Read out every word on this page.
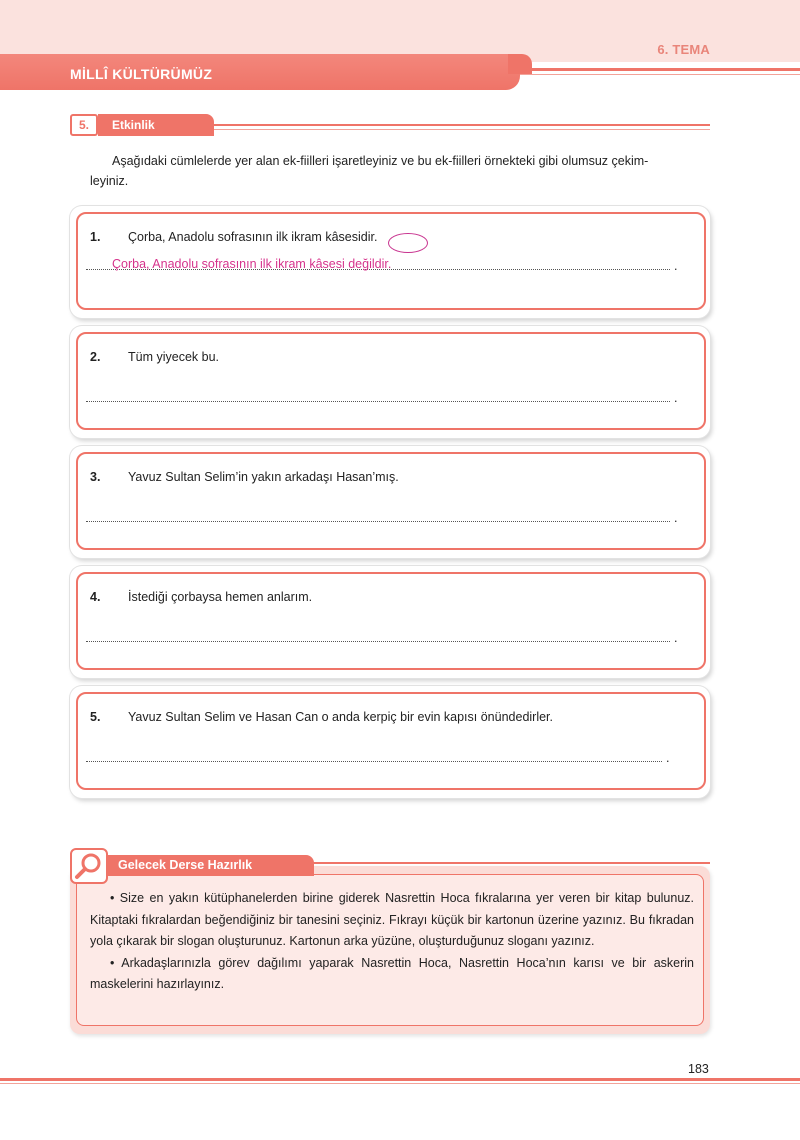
6. TEMA
MİLLÎ KÜLTÜRÜMÜZ
5.	Etkinlik
Aşağıdaki cümlelerde yer alan ek-fiilleri işaretleyiniz ve bu ek-fiilleri örnekteki gibi olumsuz çekim-
leyiniz.
1. Çorba, Anadolu sofrasının ilk ikram kâsesidir.
Çorba, Anadolu sofrasının ilk ikram kâsesi değildir.	.
2. Tüm yiyecek bu.
.
3. Yavuz Sultan Selim’in yakın arkadaşı Hasan’mış.
.
4. İstediği çorbaysa hemen anlarım.
.
5. Yavuz Sultan Selim ve Hasan Can o anda kerpiç bir evin kapısı önündedirler.
.
Gelecek Derse Hazırlık

• Size en yakın kütüphanelerden birine giderek Nasrettin Hoca fıkralarına yer veren bir kitap bulunuz. Kitaptaki fıkralardan beğendiğiniz bir tanesini seçiniz. Fıkrayı küçük bir kartonun üzerine yazınız. Bu fıkradan yola çıkarak bir slogan oluşturunuz. Kartonun arka yüzüne, oluşturduğunuz sloganı yazınız.

• Arkadaşlarınızla görev dağılımı yaparak Nasrettin Hoca, Nasrettin Hoca’nın karısı ve bir askerin maskelerini hazırlayınız.

183
